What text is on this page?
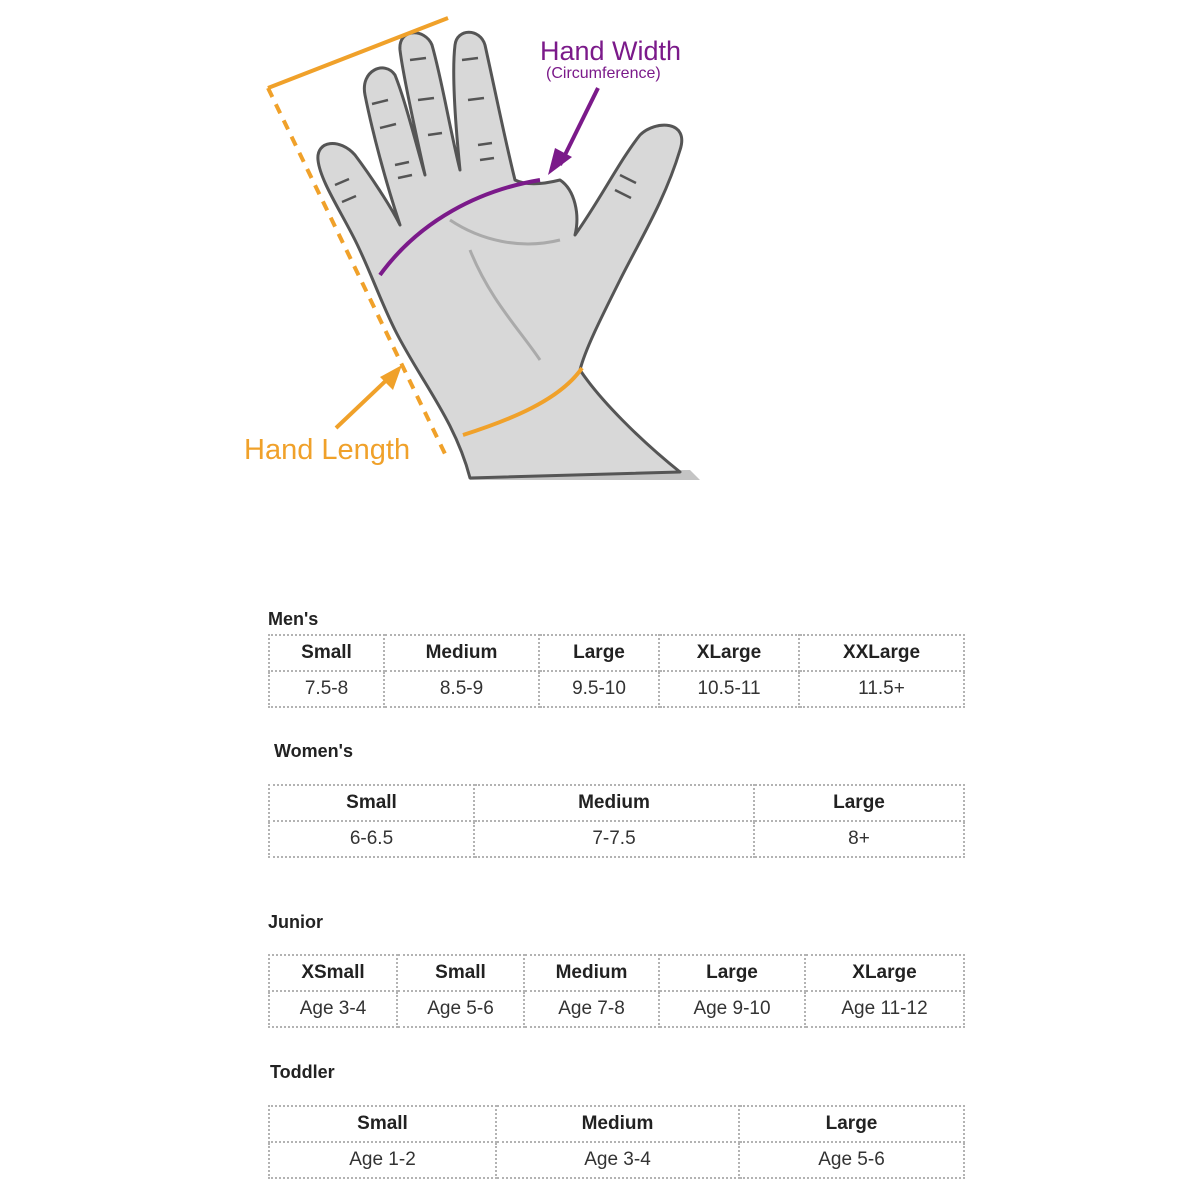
Hand Width
(Circumference)
Hand Length
Men's
Small	Medium	Large	XLarge	XXLarge
7.5-8	8.5-9	9.5-10	10.5-11	11.5+
Women's
Small	Medium	Large
6-6.5	7-7.5	8+
Junior
XSmall	Small	Medium	Large	XLarge
Age 3-4	Age 5-6	Age 7-8	Age 9-10	Age 11-12
Toddler
Small	Medium	Large
Age 1-2	Age 3-4	Age 5-6
